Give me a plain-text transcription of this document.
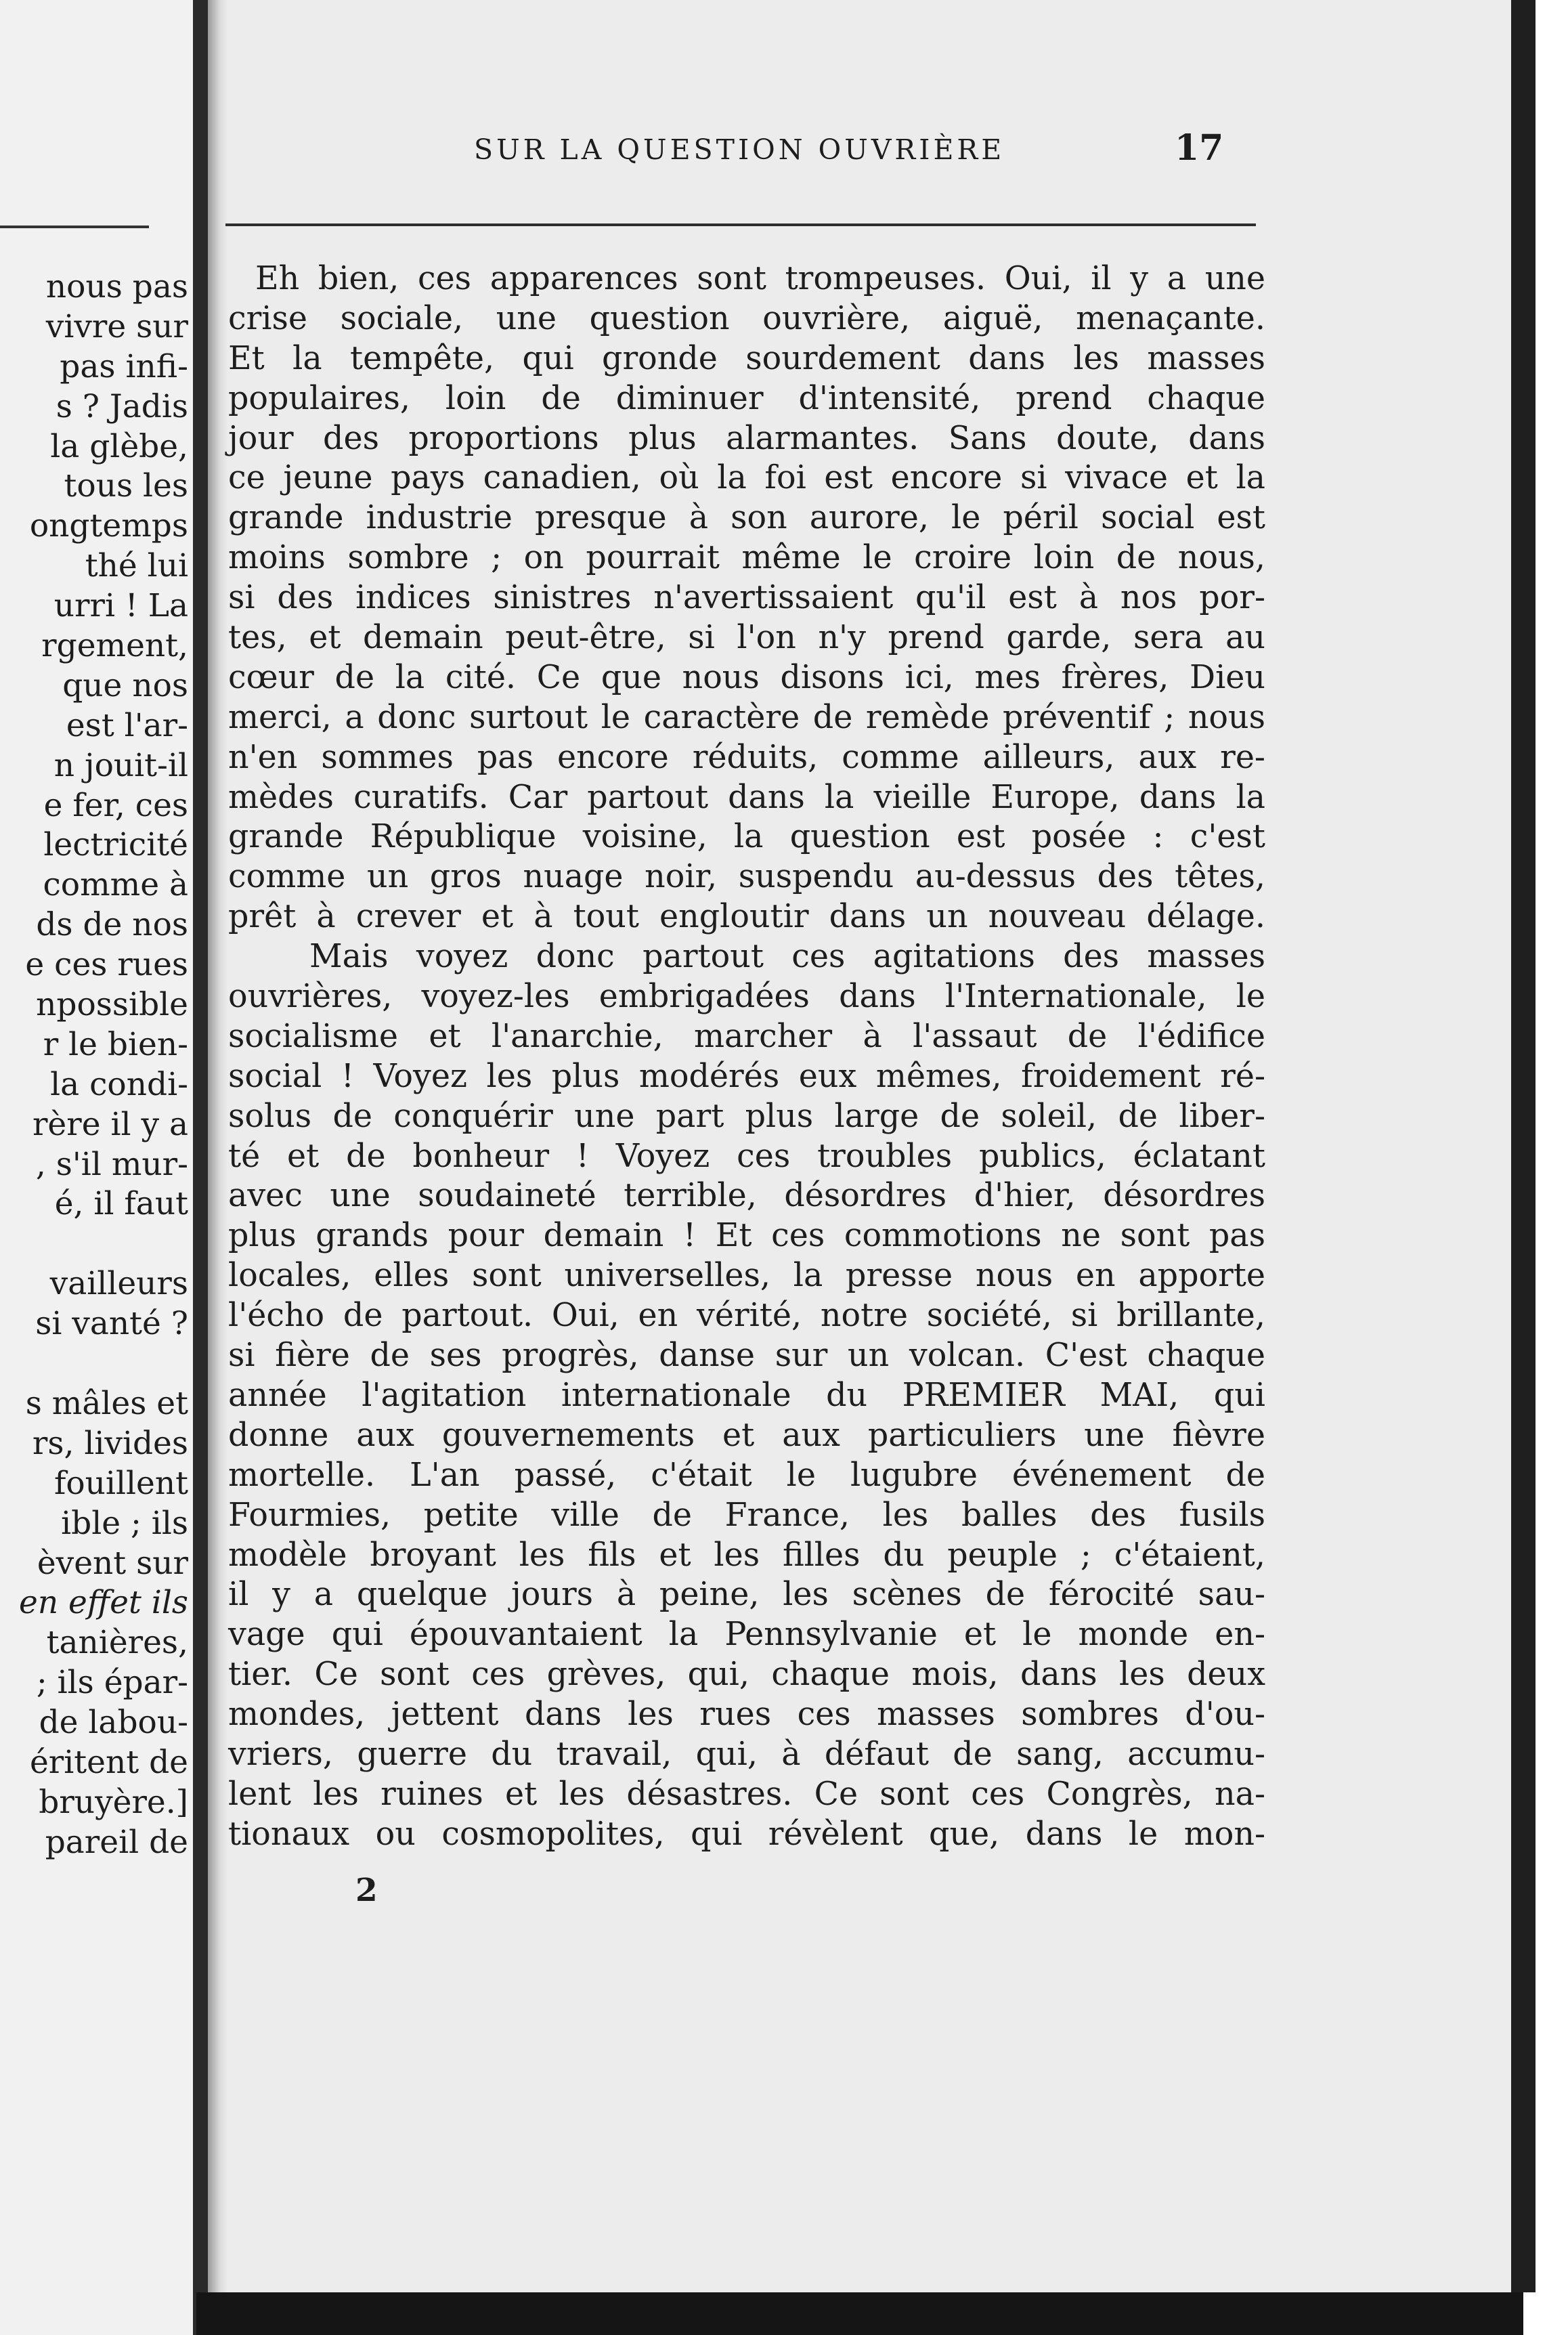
nous pas
vivre sur
pas infi-
s ? Jadis
la glèbe,
tous les
ongtemps
thé lui
urri ! La
rgement,
que nos
est l'ar-
n jouit-il
e fer, ces
lectricité
comme à
ds de nos
e ces rues
npossible
r le bien-
la condi-
rère il y a
, s'il mur-
é, il faut
vailleurs
si vanté ?
s mâles et
rs, livides
fouillent
ible ; ils
èvent sur
en effet ils
tanières,
; ils épar-
de labou-
éritent de
bruyère.]
pareil de
SUR LA QUESTION OUVRIÈRE	17
Eh bien, ces apparences sont trompeuses. Oui, il y a une
crise sociale, une question ouvrière, aiguë, menaçante.
Et la tempête, qui gronde sourdement dans les masses
populaires, loin de diminuer d'intensité, prend chaque
jour des proportions plus alarmantes. Sans doute, dans
ce jeune pays canadien, où la foi est encore si vivace et la
grande industrie presque à son aurore, le péril social est
moins sombre ; on pourrait même le croire loin de nous,
si des indices sinistres n'avertissaient qu'il est à nos por-
tes, et demain peut-être, si l'on n'y prend garde, sera au
cœur de la cité. Ce que nous disons ici, mes frères, Dieu
merci, a donc surtout le caractère de remède préventif ; nous
n'en sommes pas encore réduits, comme ailleurs, aux re-
mèdes curatifs. Car partout dans la vieille Europe, dans la
grande République voisine, la question est posée : c'est
comme un gros nuage noir, suspendu au-dessus des têtes,
prêt à crever et à tout engloutir dans un nouveau délage.
Mais voyez donc partout ces agitations des masses
ouvrières, voyez-les embrigadées dans l'Internationale, le
socialisme et l'anarchie, marcher à l'assaut de l'édifice
social ! Voyez les plus modérés eux mêmes, froidement ré-
solus de conquérir une part plus large de soleil, de liber-
té et de bonheur ! Voyez ces troubles publics, éclatant
avec une soudaineté terrible, désordres d'hier, désordres
plus grands pour demain ! Et ces commotions ne sont pas
locales, elles sont universelles, la presse nous en apporte
l'écho de partout. Oui, en vérité, notre société, si brillante,
si fière de ses progrès, danse sur un volcan. C'est chaque
année l'agitation internationale du PREMIER MAI, qui
donne aux gouvernements et aux particuliers une fièvre
mortelle. L'an passé, c'était le lugubre événement de
Fourmies, petite ville de France, les balles des fusils
modèle broyant les fils et les filles du peuple ; c'étaient,
il y a quelque jours à peine, les scènes de férocité sau-
vage qui épouvantaient la Pennsylvanie et le monde en-
tier. Ce sont ces grèves, qui, chaque mois, dans les deux
mondes, jettent dans les rues ces masses sombres d'ou-
vriers, guerre du travail, qui, à défaut de sang, accumu-
lent les ruines et les désastres. Ce sont ces Congrès, na-
tionaux ou cosmopolites, qui révèlent que, dans le mon-
2
